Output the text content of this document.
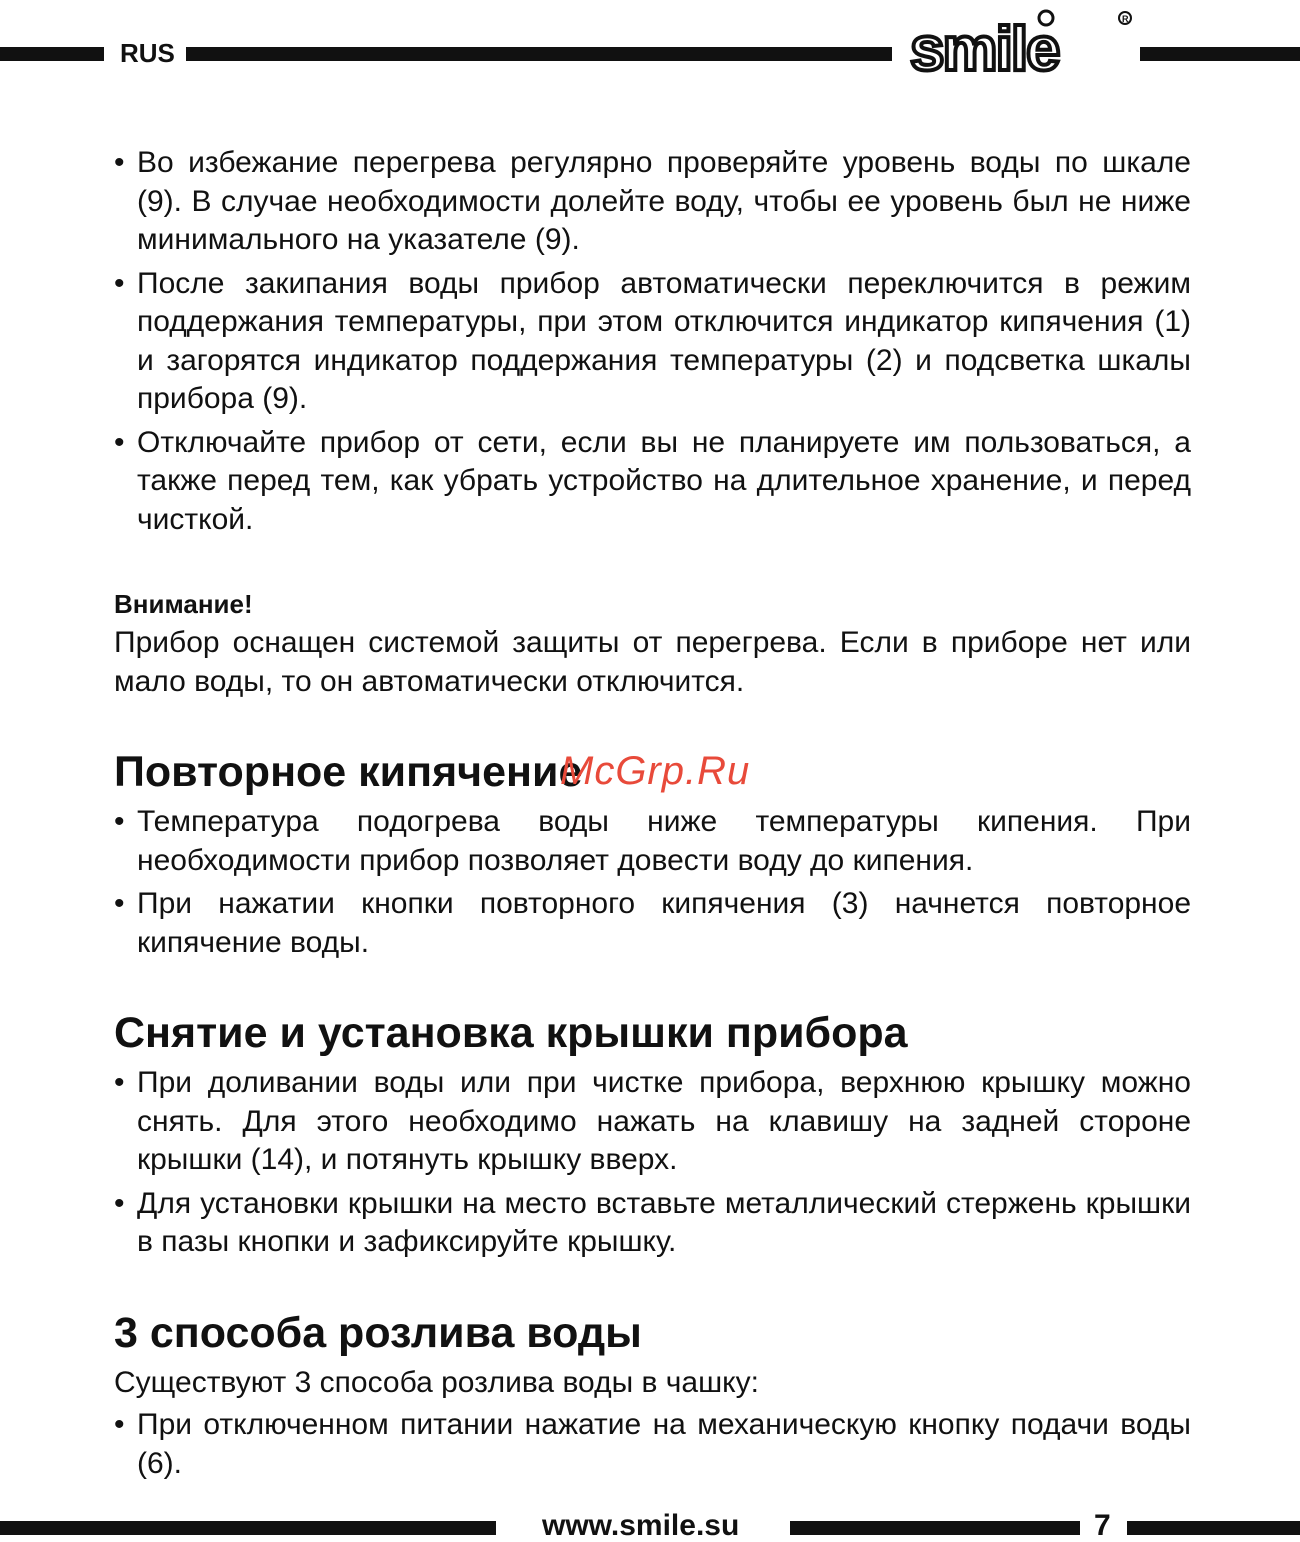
RUS
R
smile
• Во избежание перегрева регулярно проверяйте уровень воды по шкале (9). В случае необходимости долейте воду, чтобы ее уровень был не ниже минимального на указателе (9).
• После закипания воды прибор автоматически переключится в режим поддержания температуры, при этом отключится индикатор кипячения (1) и загорятся индикатор поддержания температуры (2) и подсветка шкалы прибора (9).
• Отключайте прибор от сети, если вы не планируете им пользоваться, а также перед тем, как убрать устройство на длительное хранение, и перед чисткой.
Внимание!

Прибор оснащен системой защиты от перегрева. Если в приборе нет или мало воды, то он автоматически отключится.

Повторное кипячение
• Температура подогрева воды ниже температуры кипения. При необходимости прибор позволяет довести воду до кипения.
• При нажатии кнопки повторного кипячения (3) начнется повторное кипячение воды.
Снятие и установка крышки прибора
• При доливании воды или при чистке прибора, верхнюю крышку можно снять. Для этого необходимо нажать на клавишу на задней стороне крышки (14), и потянуть крышку вверх.
• Для установки крышки на место вставьте металлический стержень крышки в пазы кнопки и зафиксируйте крышку.
3 способа розлива воды

Существуют 3 способа розлива воды в чашку:

• При отключенном питании нажатие на механическую кнопку подачи воды (6).
McGrp.Ru
www.smile.su	7
